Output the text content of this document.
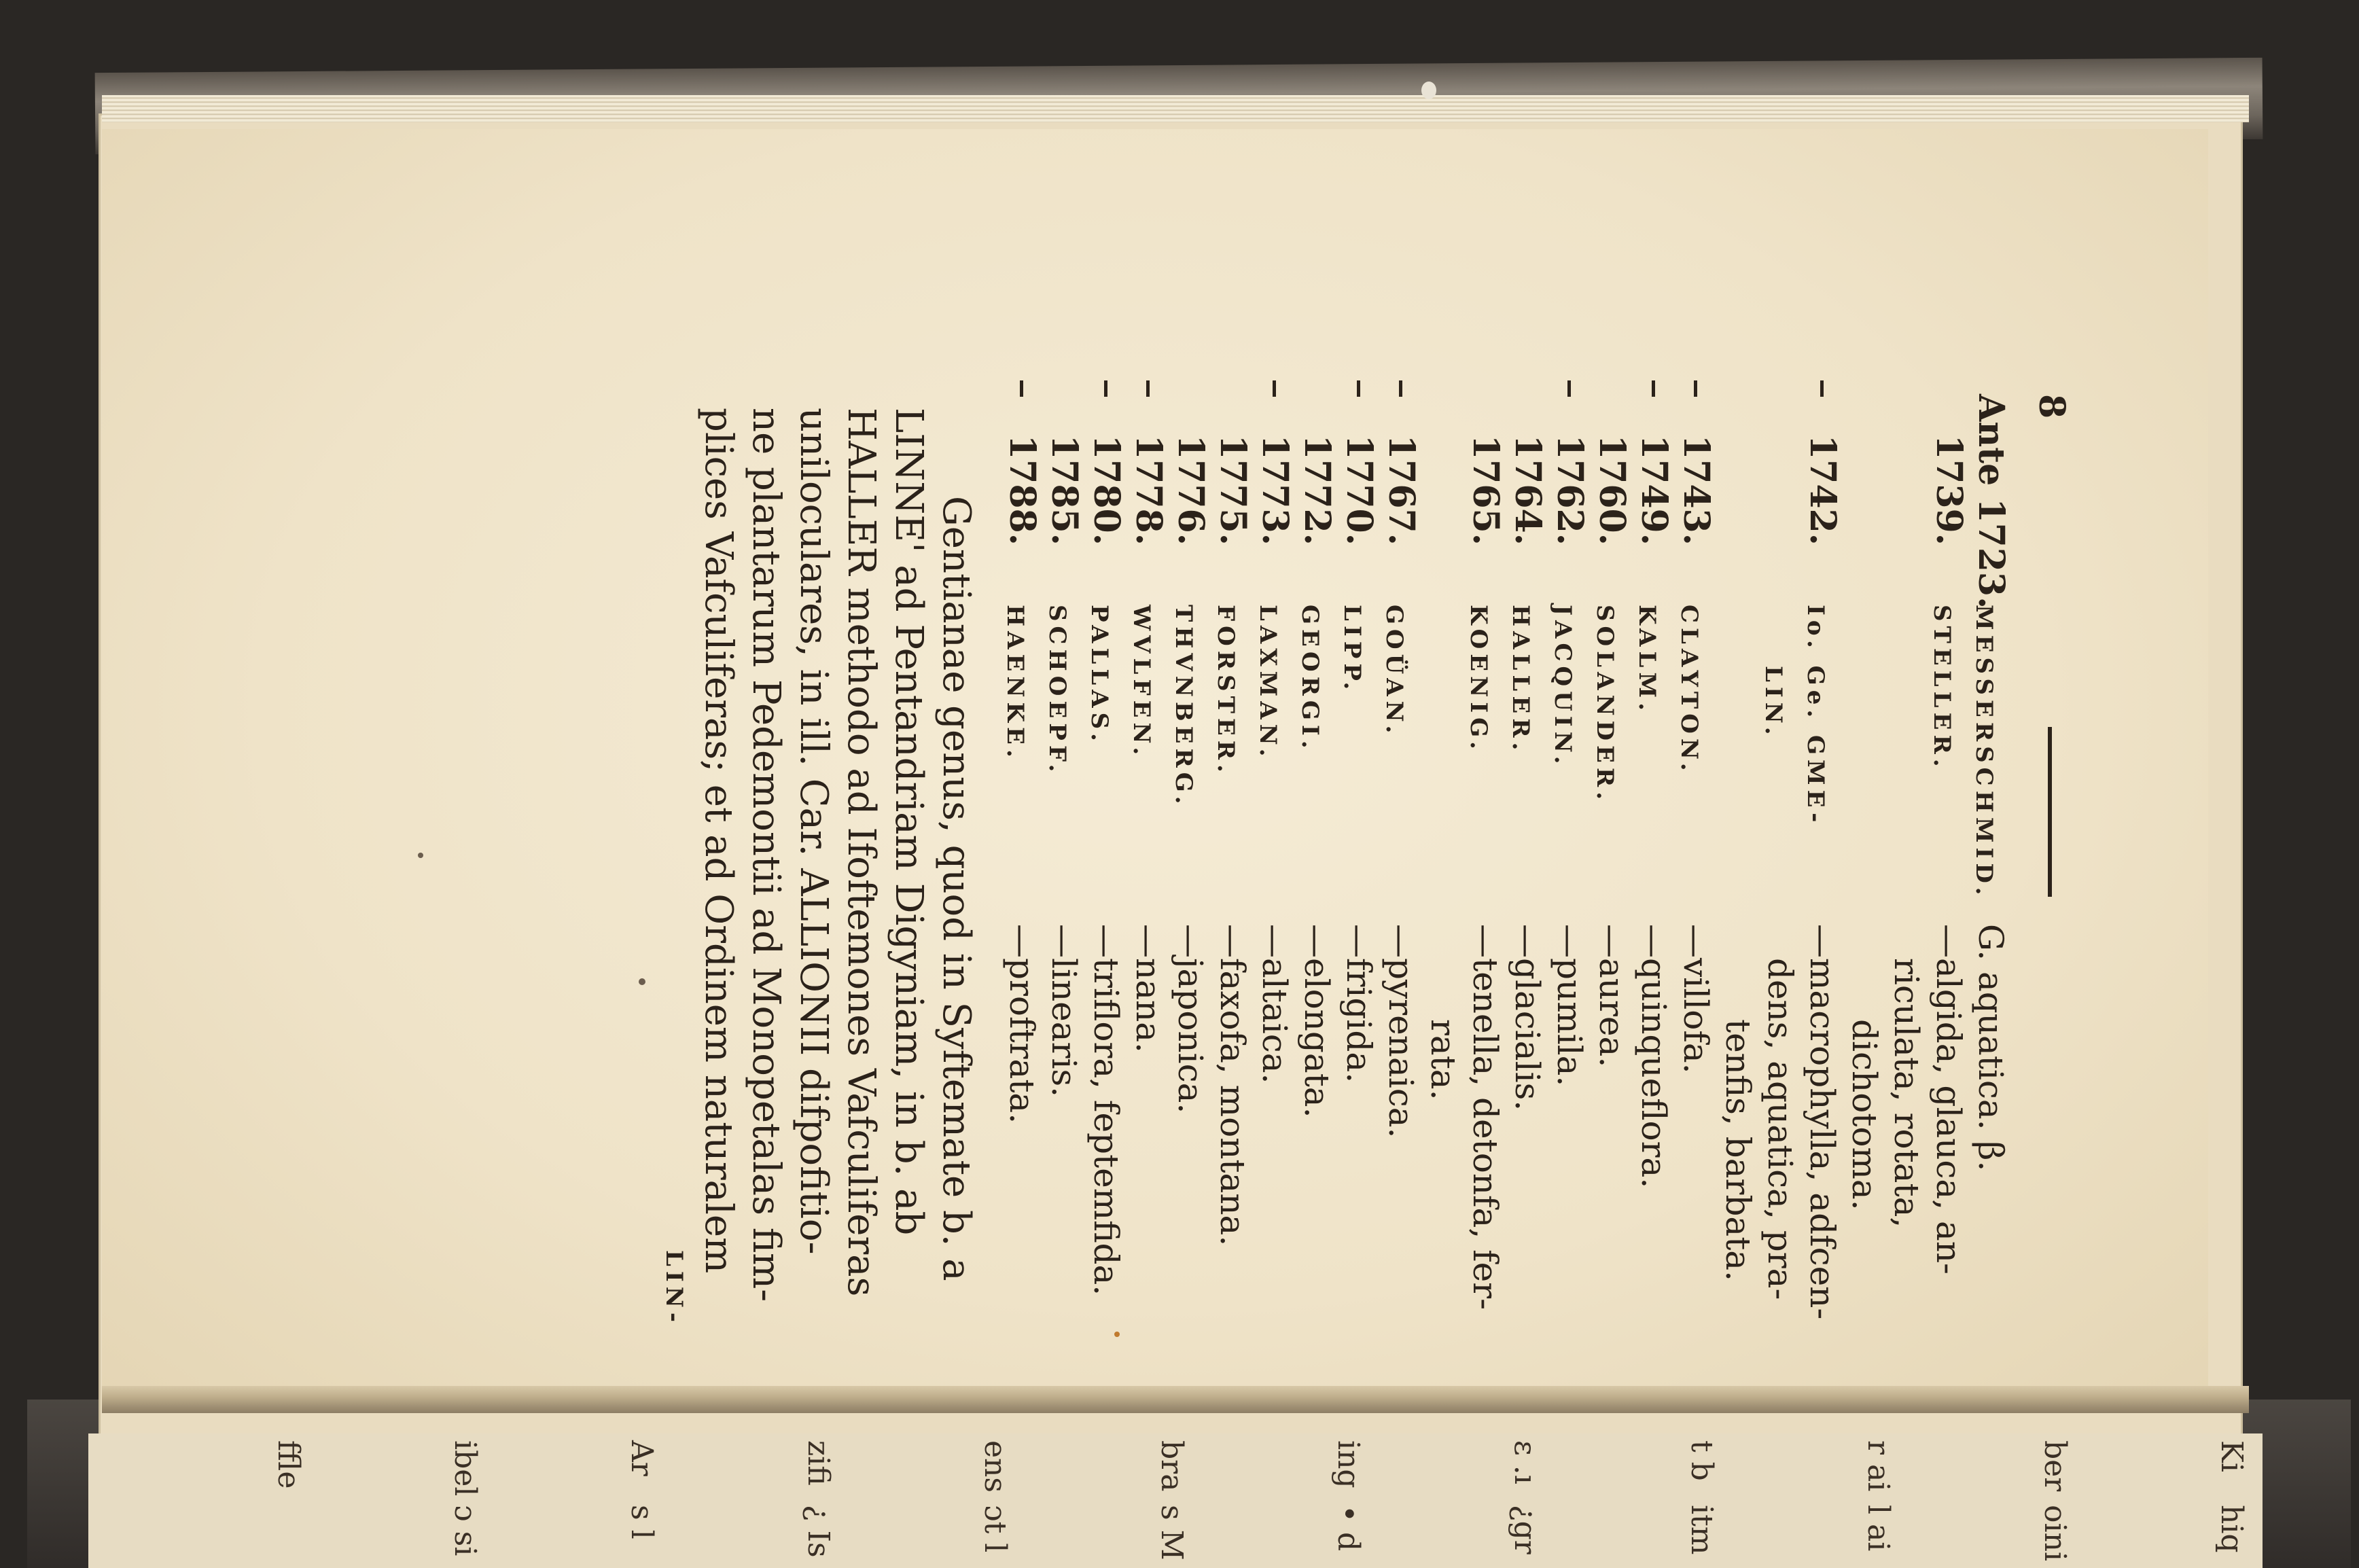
Ki
ber
r ai
t b
ε .ı
ing
bra
ens
zifi
Ar
ibel
ffle
hiq
oini
l ai
itm
¿gr
• d
s M
ɔt l
¿ Is
s l
ɔ si
8
Ante 1723.
MESSERSCHMID.
G. aquatica. β.
1739.
STELLER.
—algida, glauca, an-
riculata, rotata,
dichotoma.
1742.
Io. Ge. GME-
—macrophylla, adfcen-
LIN.
dens, aquatica, pra-
tenfis, barbata.
1743.
CLAYTON.
—villofa.
1749.
KALM.
—quinqueflora.
1760.
SOLANDER.
—aurea.
1762.
JACQUIN.
—pumila.
1764.
HALLER.
—glacialis.
1765.
KOENIG.
—tenella, detonfa, fer-
rata.
1767.
GOÜAN.
—pyrenaica.
1770.
LIPP.
—frigida.
1772.
GEORGI.
—elongata.
1773.
LAXMAN.
—altaica.
1775.
FORSTER.
—faxofa, montana.
1776.
THVNBERG.
—japonica.
1778.
WVLFEN.
—nana.
1780.
PALLAS.
—triflora, feptemfida.
1785.
SCHOEPF.
—linearis.
1788.
HAENKE.
—proftrata.
Gentianae genus, quod in Syftemate b. a
LINNE' ad Pentandriam Digyniam, in b. ab
HALLER methodo ad Ifoftemones Vafculiferas
uniloculares, in ill. Car. ALLIONII difpofitio-
ne plantarum Pedemontii ad Monopetalas fim-
plices Vafculiferas; et ad Ordinem naturalem
LIN-
